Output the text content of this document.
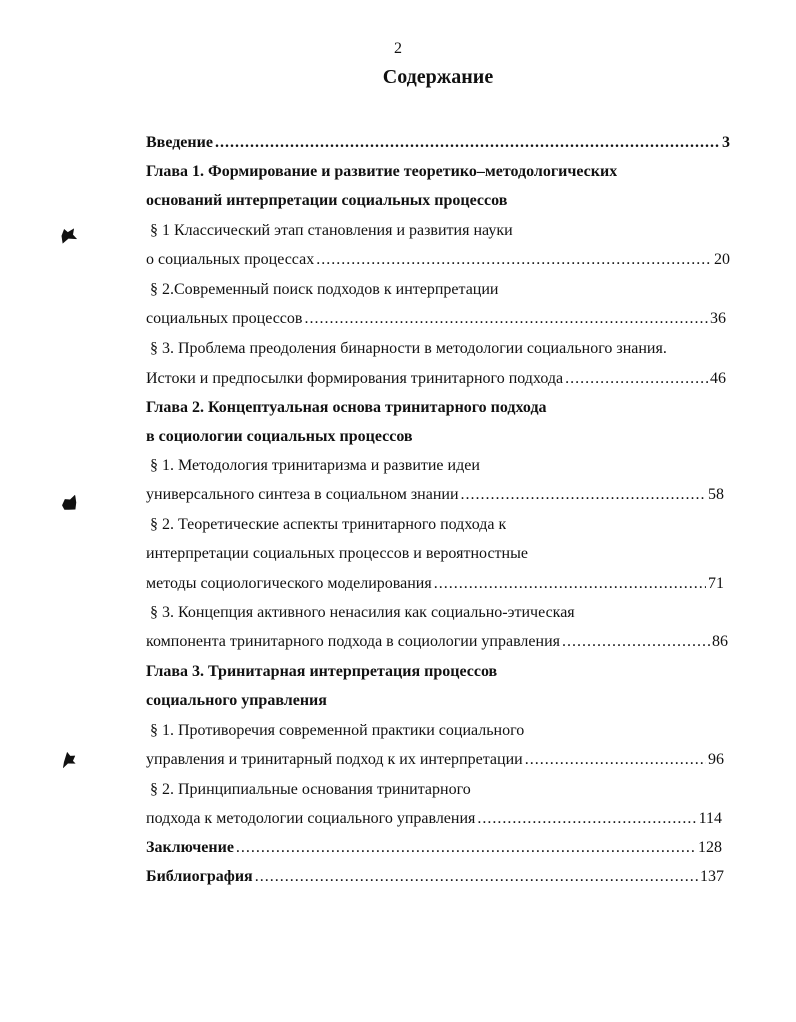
2
Содержание
Введение .....	3
Глава 1. Формирование и развитие теоретико–методологических
оснований интерпретации социальных процессов
§ 1 Классический этап становления и развития науки
о социальных процессах .....	20
§ 2.Современный поиск подходов к интерпретации
социальных процессов .....	36
§ 3. Проблема преодоления бинарности в методологии социального знания.
Истоки и предпосылки формирования тринитарного подхода .....	46
Глава 2. Концептуальная основа тринитарного подхода
в социологии социальных процессов
§ 1. Методология тринитаризма и развитие идеи
универсального синтеза в социальном знании .....	58
§ 2. Теоретические аспекты тринитарного подхода к
интерпретации социальных процессов и вероятностные
методы социологического моделирования .....	71
§ 3. Концепция активного ненасилия как социально-этическая
компонента тринитарного подхода в социологии управления .....	86
Глава 3. Тринитарная интерпретация процессов
социального управления
§ 1. Противоречия современной практики социального
управления и тринитарный подход к их интерпретации .....	96
§ 2. Принципиальные основания тринитарного
подхода к методологии социального управления .....	114
Заключение .....	128
Библиография .....	137
